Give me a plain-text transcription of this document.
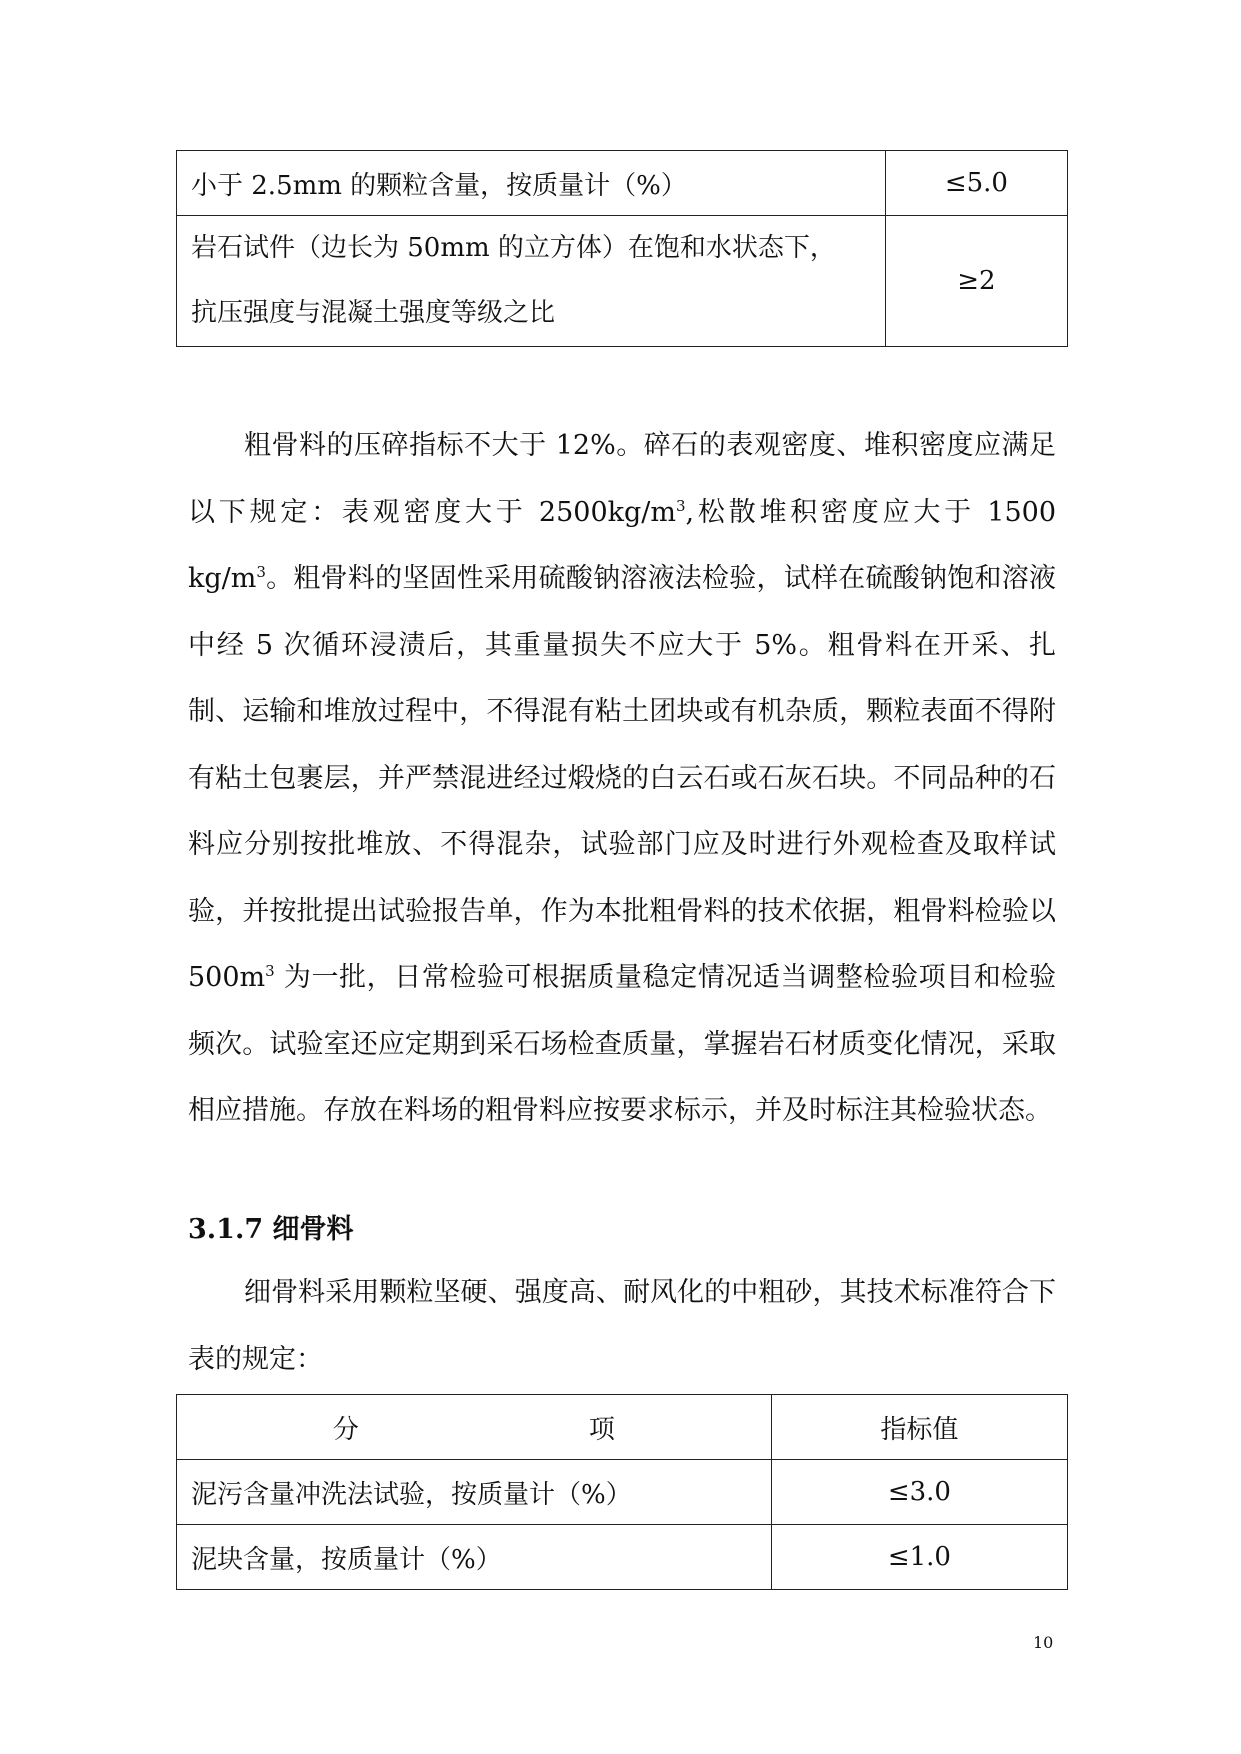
小于 2.5mm 的颗粒含量，按质量计（%）	≤5.0
岩石试件（边长为 50mm 的立方体）在饱和水状态下，
抗压强度与混凝土强度等级之比	≥2

粗骨料的压碎指标不大于 12%。碎石的表观密度、堆积密度应满足以下规定：表观密度大于 $2500kg/m^3$,松散堆积密度应大于 1500 $kg/m^3$。粗骨料的坚固性采用硫酸钠溶液法检验，试样在硫酸钠饱和溶液中经 5 次循环浸渍后，其重量损失不应大于 5%。粗骨料在开采、扎制、运输和堆放过程中，不得混有粘土团块或有机杂质，颗粒表面不得附有粘土包裹层，并严禁混进经过煅烧的白云石或石灰石块。不同品种的石料应分别按批堆放、不得混杂，试验部门应及时进行外观检查及取样试验，并按批提出试验报告单，作为本批粗骨料的技术依据，粗骨料检验以 $500m^3$ 为一批，日常检验可根据质量稳定情况适当调整检验项目和检验频次。试验室还应定期到采石场检查质量，掌握岩石材质变化情况，采取相应措施。存放在料场的粗骨料应按要求标示，并及时标注其检验状态。

3.1.7 细骨料

细骨料采用颗粒坚硬、强度高、耐风化的中粗砂，其技术标准符合下表的规定：

分 项	指标值
泥污含量冲洗法试验，按质量计（%）	≤3.0
泥块含量，按质量计（%）	≤1.0
10
